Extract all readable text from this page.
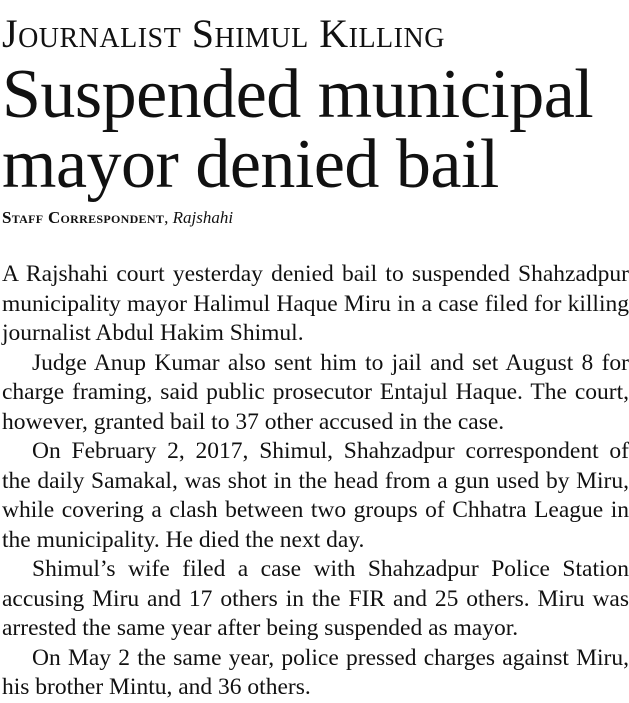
Journalist Shimul Killing
Suspended municipal mayor denied bail
Staff Correspondent, Rajshahi

A Rajshahi court yesterday denied bail to suspended Shahzadpur municipality mayor Halimul Haque Miru in a case filed for killing journalist Abdul Hakim Shimul.

Judge Anup Kumar also sent him to jail and set August 8 for charge framing, said public prosecutor Entajul Haque. The court, however, granted bail to 37 other accused in the case.

On February 2, 2017, Shimul, Shahzadpur correspondent of the daily Samakal, was shot in the head from a gun used by Miru, while covering a clash between two groups of Chhatra League in the municipality. He died the next day.

Shimul’s wife filed a case with Shahzadpur Police Station accusing Miru and 17 others in the FIR and 25 others. Miru was arrested the same year after being suspended as mayor.

On May 2 the same year, police pressed charges against Miru, his brother Mintu, and 36 others.
